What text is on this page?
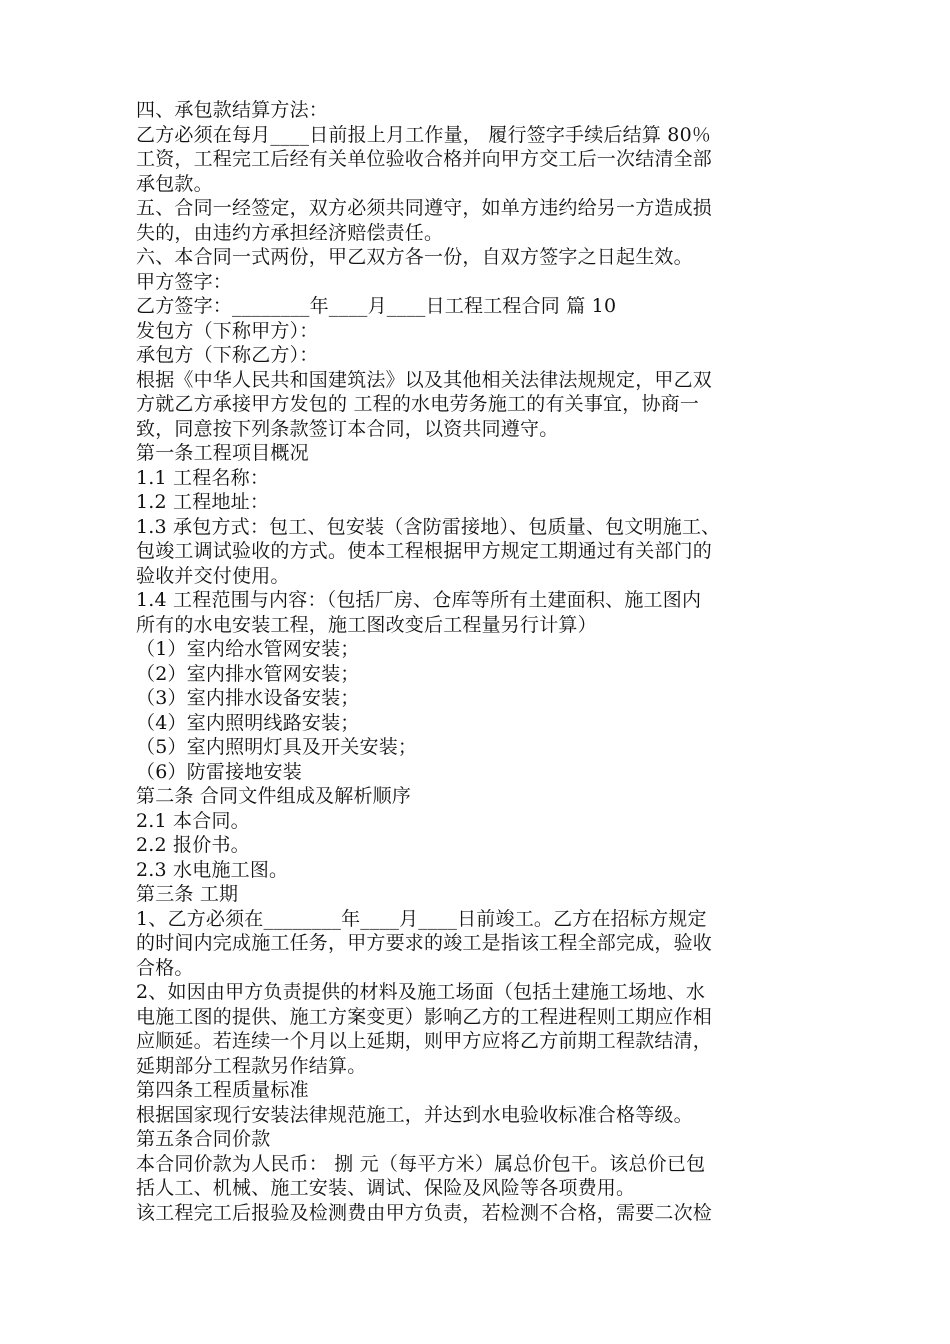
四、承包款结算方法：

乙方必须在每月____日前报上月工作量， 履行签字手续后结算 80％

工资，工程完工后经有关单位验收合格并向甲方交工后一次结清全部

承包款。

五、合同一经签定，双方必须共同遵守，如单方违约给另一方造成损

失的，由违约方承担经济赔偿责任。

六、本合同一式两份，甲乙双方各一份，自双方签字之日起生效。

甲方签字：

乙方签字：________年____月____日工程工程合同 篇 10

发包方（下称甲方）：

承包方（下称乙方）：

根据《中华人民共和国建筑法》以及其他相关法律法规规定，甲乙双

方就乙方承接甲方发包的 工程的水电劳务施工的有关事宜，协商一

致，同意按下列条款签订本合同，以资共同遵守。

第一条工程项目概况

1.1 工程名称：

1.2 工程地址：

1.3 承包方式：包工、包安装（含防雷接地）、包质量、包文明施工、

包竣工调试验收的方式。使本工程根据甲方规定工期通过有关部门的

验收并交付使用。

1.4 工程范围与内容：（包括厂房、仓库等所有土建面积、施工图内

所有的水电安装工程，施工图改变后工程量另行计算）

（1）室内给水管网安装；

（2）室内排水管网安装；

（3）室内排水设备安装；

（4）室内照明线路安装；

（5）室内照明灯具及开关安装；

（6）防雷接地安装

第二条 合同文件组成及解析顺序

2.1 本合同。

2.2 报价书。

2.3 水电施工图。

第三条 工期

1、乙方必须在________年____月____日前竣工。乙方在招标方规定

的时间内完成施工任务，甲方要求的竣工是指该工程全部完成，验收

合格。

2、如因由甲方负责提供的材料及施工场面（包括土建施工场地、水

电施工图的提供、施工方案变更）影响乙方的工程进程则工期应作相

应顺延。若连续一个月以上延期，则甲方应将乙方前期工程款结清，

延期部分工程款另作结算。

第四条工程质量标准

根据国家现行安装法律规范施工，并达到水电验收标准合格等级。

第五条合同价款

本合同价款为人民币： 捌 元（每平方米）属总价包干。该总价已包

括人工、机械、施工安装、调试、保险及风险等各项费用。

该工程完工后报验及检测费由甲方负责，若检测不合格，需要二次检
